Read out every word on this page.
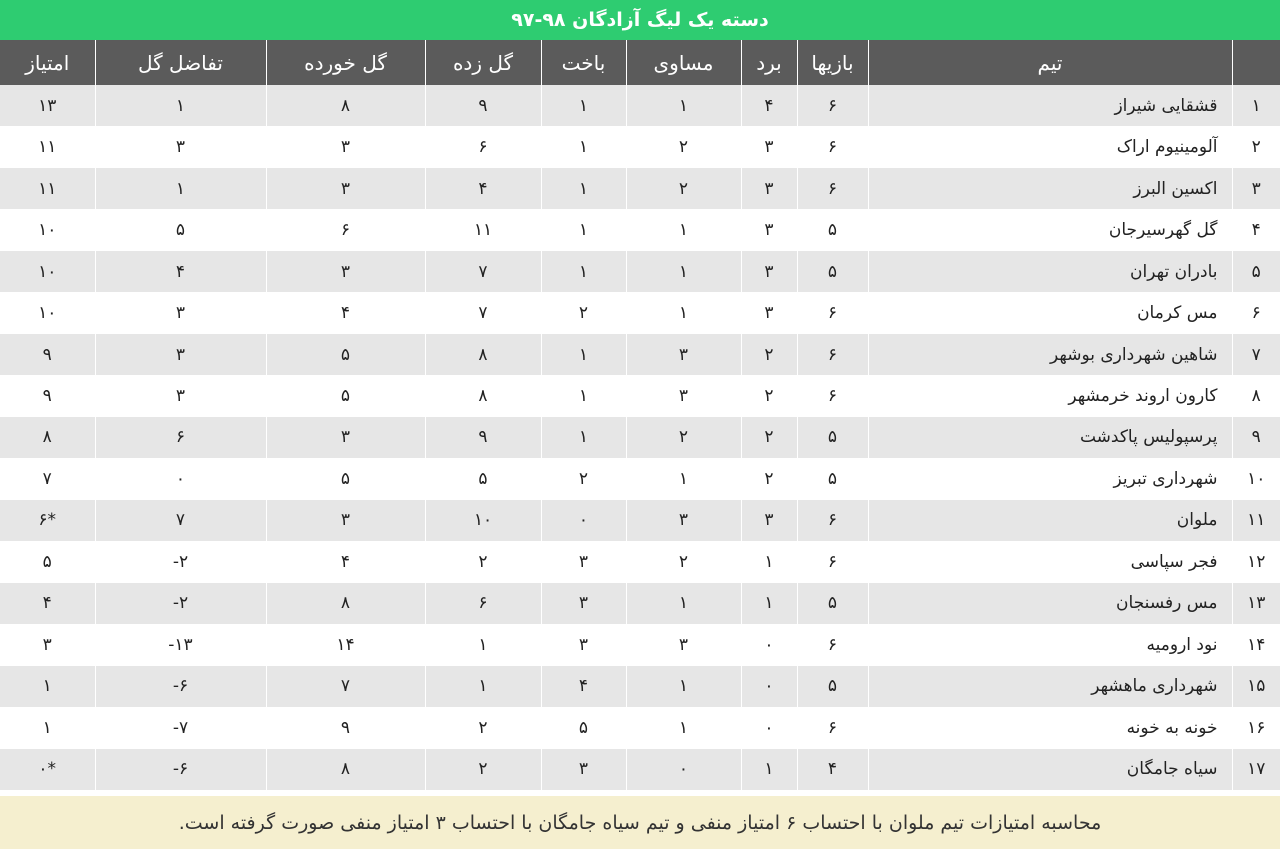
دسته یک لیگ آزادگان ۹۸-۹۷
امتیاز	تفاضل گل	گل خورده	گل زده	باخت	مساوی	برد	بازیها	تیم	
۱۳	۱	۸	۹	۱	۱	۴	۶	قشقایی شیراز	۱
۱۱	۳	۳	۶	۱	۲	۳	۶	آلومینیوم اراک	۲
۱۱	۱	۳	۴	۱	۲	۳	۶	اکسین البرز	۳
۱۰	۵	۶	۱۱	۱	۱	۳	۵	گل گهرسیرجان	۴
۱۰	۴	۳	۷	۱	۱	۳	۵	بادران تهران	۵
۱۰	۳	۴	۷	۲	۱	۳	۶	مس کرمان	۶
۹	۳	۵	۸	۱	۳	۲	۶	شاهین شهرداری بوشهر	۷
۹	۳	۵	۸	۱	۳	۲	۶	کارون اروند خرمشهر	۸
۸	۶	۳	۹	۱	۲	۲	۵	پرسپولیس پاکدشت	۹
۷	۰	۵	۵	۲	۱	۲	۵	شهرداری تبریز	۱۰
۶*	۷	۳	۱۰	۰	۳	۳	۶	ملوان	۱۱
۵	-۲	۴	۲	۳	۲	۱	۶	فجر سپاسی	۱۲
۴	-۲	۸	۶	۳	۱	۱	۵	مس رفسنجان	۱۳
۳	-۱۳	۱۴	۱	۳	۳	۰	۶	نود ارومیه	۱۴
۱	-۶	۷	۱	۴	۱	۰	۵	شهرداری ماهشهر	۱۵
۱	-۷	۹	۲	۵	۱	۰	۶	خونه به خونه	۱۶
۰*	-۶	۸	۲	۳	۰	۱	۴	سیاه جامگان	۱۷
محاسبه امتیازات تیم ملوان با احتساب ۶ امتیاز منفی و تیم سیاه جامگان با احتساب ۳ امتیاز منفی صورت گرفته است.
